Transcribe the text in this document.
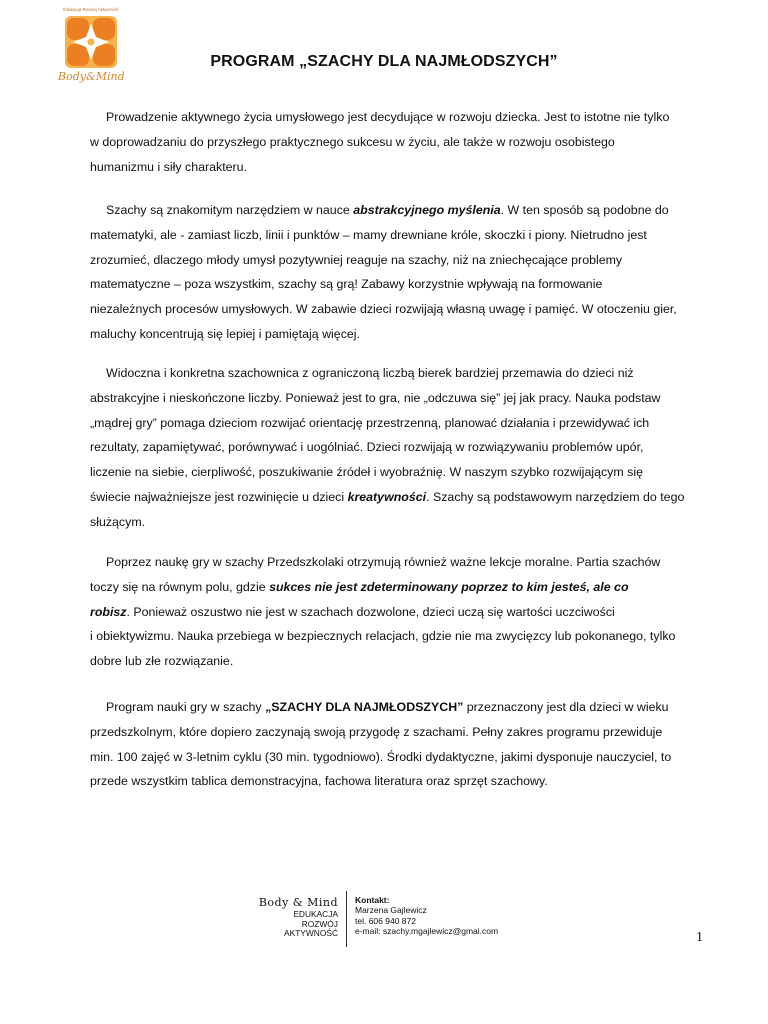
Edukacja Rozwój Aktywność
Body&Mind
PROGRAM „SZACHY DLA NAJMŁODSZYCH”
Prowadzenie aktywnego życia umysłowego jest decydujące w rozwoju dziecka. Jest to istotne nie tylko
w doprowadzaniu do przyszłego praktycznego sukcesu w życiu, ale także w rozwoju osobistego
humanizmu i siły charakteru.
Szachy są znakomitym narzędziem w nauce abstrakcyjnego myślenia. W ten sposób są podobne do
matematyki, ale - zamiast liczb, linii i punktów – mamy drewniane króle, skoczki i piony. Nietrudno jest
zrozumieć, dlaczego młody umysł pozytywniej reaguje na szachy, niż na zniechęcające problemy
matematyczne – poza wszystkim, szachy są grą! Zabawy korzystnie wpływają na formowanie
niezależnych procesów umysłowych. W zabawie dzieci rozwijają własną uwagę i pamięć. W otoczeniu gier,
maluchy koncentrują się lepiej i pamiętają więcej.
Widoczna i konkretna szachownica z ograniczoną liczbą bierek bardziej przemawia do dzieci niż
abstrakcyjne i nieskończone liczby. Ponieważ jest to gra, nie „odczuwa się” jej jak pracy. Nauka podstaw
„mądrej gry” pomaga dzieciom rozwijać orientację przestrzenną, planować działania i przewidywać ich
rezultaty, zapamiętywać, porównywać i uogólniać. Dzieci rozwijają w rozwiązywaniu problemów upór,
liczenie na siebie, cierpliwość, poszukiwanie źródeł i wyobraźnię. W naszym szybko rozwijającym się
świecie najważniejsze jest rozwinięcie u dzieci kreatywności. Szachy są podstawowym narzędziem do tego
służącym.
Poprzez naukę gry w szachy Przedszkolaki otrzymują również ważne lekcje moralne. Partia szachów
toczy się na równym polu, gdzie sukces nie jest zdeterminowany poprzez to kim jesteś, ale co
robisz. Ponieważ oszustwo nie jest w szachach dozwolone, dzieci uczą się wartości uczciwości
i obiektywizmu. Nauka przebiega w bezpiecznych relacjach, gdzie nie ma zwycięzcy lub pokonanego, tylko
dobre lub złe rozwiązanie.
Program nauki gry w szachy „SZACHY DLA NAJMŁODSZYCH” przeznaczony jest dla dzieci w wieku
przedszkolnym, które dopiero zaczynają swoją przygodę z szachami. Pełny zakres programu przewiduje
min. 100 zajęć w 3-letnim cyklu (30 min. tygodniowo). Środki dydaktyczne, jakimi dysponuje nauczyciel, to
przede wszystkim tablica demonstracyjna, fachowa literatura oraz sprzęt szachowy.
Body & Mind
EDUKACJA
ROZWÓJ
AKTYWNOŚĆ
Kontakt:
Marzena Gajlewicz
tel. 606 940 872
e-mail: szachy.mgajlewicz@gmai.com	1
